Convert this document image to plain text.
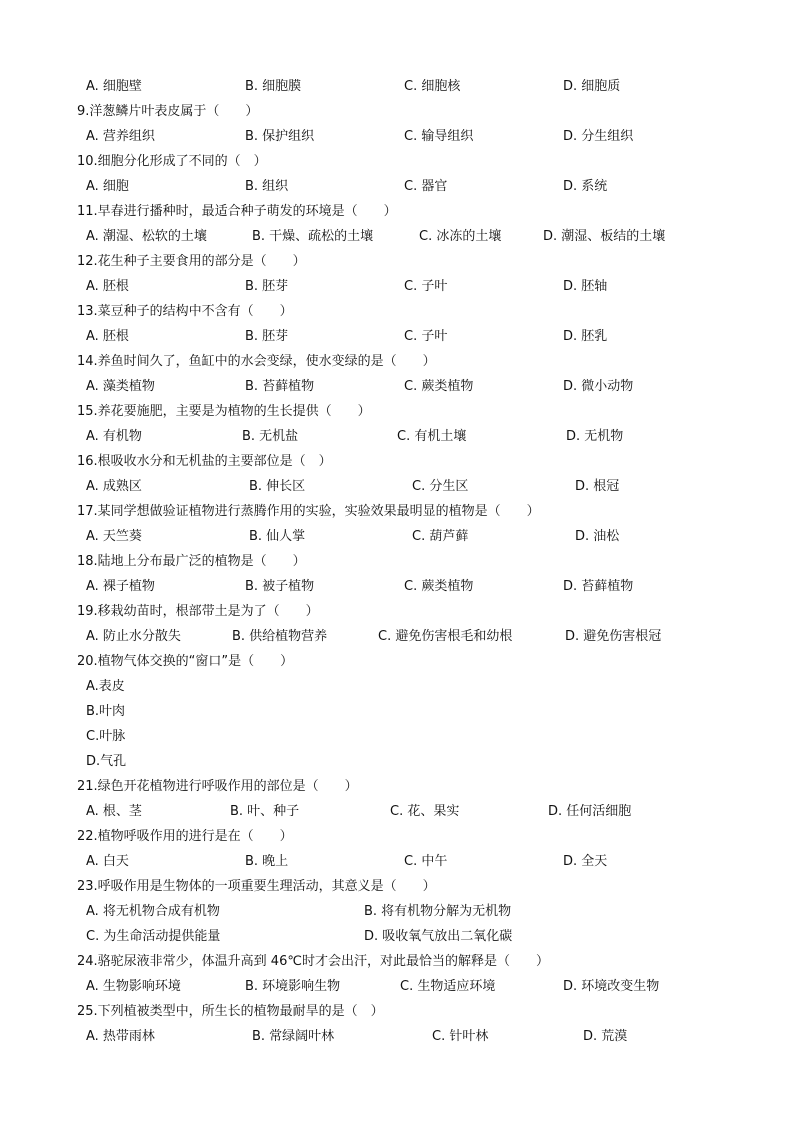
A. 细胞壁	B. 细胞膜	C. 细胞核	D. 细胞质
9.洋葱鳞片叶表皮属于（　　）
A. 营养组织	B. 保护组织	C. 输导组织	D. 分生组织
10.细胞分化形成了不同的（　）
A. 细胞	B. 组织	C. 器官	D. 系统
11.早春进行播种时，最适合种子萌发的环境是（　　）
A. 潮湿、松软的土壤	B. 干燥、疏松的土壤	C. 冰冻的土壤	D. 潮湿、板结的土壤
12.花生种子主要食用的部分是（　　）
A. 胚根	B. 胚芽	C. 子叶	D. 胚轴
13.菜豆种子的结构中不含有（　　）
A. 胚根	B. 胚芽	C. 子叶	D. 胚乳
14.养鱼时间久了，鱼缸中的水会变绿，使水变绿的是（　　）
A. 藻类植物	B. 苔藓植物	C. 蕨类植物	D. 微小动物
15.养花要施肥，主要是为植物的生长提供（　　）
A. 有机物	B. 无机盐	C. 有机土壤	D. 无机物
16.根吸收水分和无机盐的主要部位是（　）
A. 成熟区	B. 伸长区	C. 分生区	D. 根冠
17.某同学想做验证植物进行蒸腾作用的实验，实验效果最明显的植物是（　　）
A. 天竺葵	B. 仙人掌	C. 葫芦藓	D. 油松
18.陆地上分布最广泛的植物是（　　）
A. 裸子植物	B. 被子植物	C. 蕨类植物	D. 苔藓植物
19.移栽幼苗时，根部带土是为了（　　）
A. 防止水分散失	B. 供给植物营养	C. 避免伤害根毛和幼根	D. 避免伤害根冠
20.植物气体交换的“窗口”是（　　）
A.表皮
B.叶肉
C.叶脉
D.气孔
21.绿色开花植物进行呼吸作用的部位是（　　）
A. 根、茎	B. 叶、种子	C. 花、果实	D. 任何活细胞
22.植物呼吸作用的进行是在（　　）
A. 白天	B. 晚上	C. 中午	D. 全天
23.呼吸作用是生物体的一项重要生理活动，其意义是（　　）
A. 将无机物合成有机物	B. 将有机物分解为无机物
C. 为生命活动提供能量	D. 吸收氧气放出二氧化碳
24.骆驼尿液非常少，体温升高到 46℃时才会出汗，对此最恰当的解释是（　　）
A. 生物影响环境	B. 环境影响生物	C. 生物适应环境	D. 环境改变生物
25.下列植被类型中，所生长的植物最耐旱的是（　）
A. 热带雨林	B. 常绿阔叶林	C. 针叶林	D. 荒漠
